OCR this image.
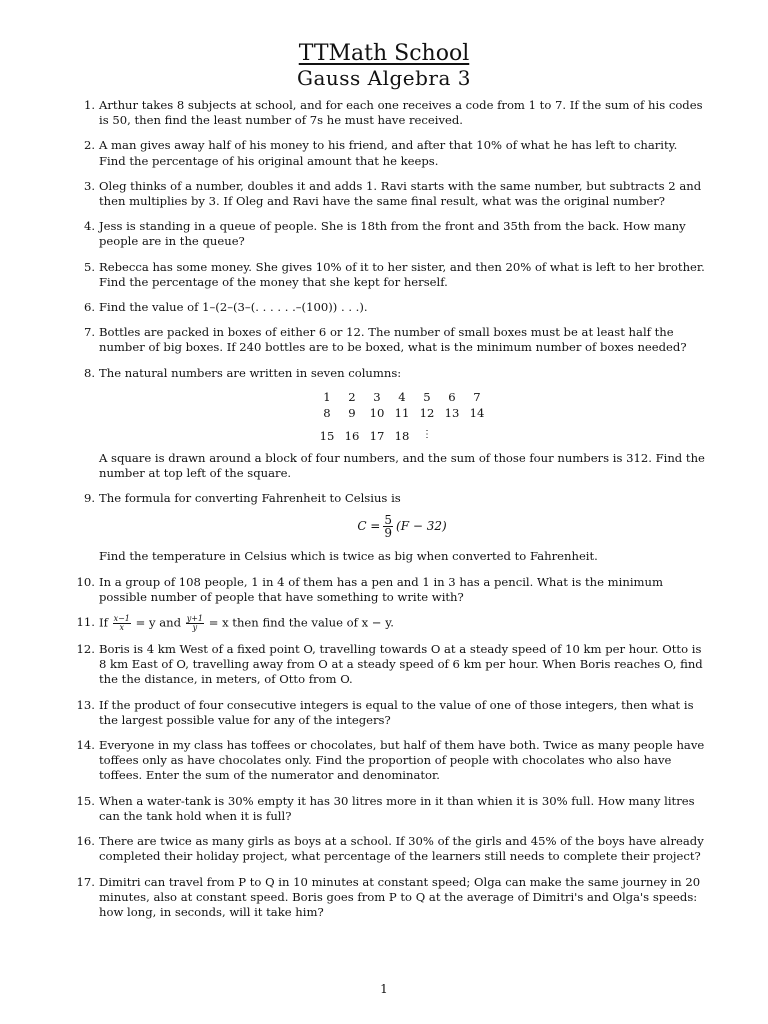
TTMath School
Gauss Algebra 3
1. Arthur takes 8 subjects at school, and for each one receives a code from 1 to 7. If the sum of his codes is 50, then find the least number of 7s he must have received.
2. A man gives away half of his money to his friend, and after that 10% of what he has left to charity. Find the percentage of his original amount that he keeps.
3. Oleg thinks of a number, doubles it and adds 1. Ravi starts with the same number, but subtracts 2 and then multiplies by 3. If Oleg and Ravi have the same final result, what was the original number?
4. Jess is standing in a queue of people. She is 18th from the front and 35th from the back. How many people are in the queue?
5. Rebecca has some money. She gives 10% of it to her sister, and then 20% of what is left to her brother. Find the percentage of the money that she kept for herself.
6. Find the value of 1–(2–(3–(. . . . . .–(100)) . . .).
7. Bottles are packed in boxes of either 6 or 12. The number of small boxes must be at least half the number of big boxes. If 240 bottles are to be boxed, what is the minimum number of boxes needed?
8. The natural numbers are written in seven columns:
1	2	3	4	5	6	7
8	9	10	11	12	13	14
15	16	17	18	⋮		
A square is drawn around a block of four numbers, and the sum of those four numbers is 312. Find the number at top left of the square.
9. The formula for converting Fahrenheit to Celsius is
$C = \frac{5}{9} (F - 32)$
Find the temperature in Celsius which is twice as big when converted to Fahrenheit.
10. In a group of 108 people, 1 in 4 of them has a pen and 1 in 3 has a pencil. What is the minimum possible number of people that have something to write with?
11. If $\frac{x-1}{x} = y$ and $\frac{y+1}{y} = x$ then find the value of x − y.
12. Boris is 4 km West of a fixed point O, travelling towards O at a steady speed of 10 km per hour. Otto is 8 km East of O, travelling away from O at a steady speed of 6 km per hour. When Boris reaches O, find the the distance, in meters, of Otto from O.
13. If the product of four consecutive integers is equal to the value of one of those integers, then what is the largest possible value for any of the integers?
14. Everyone in my class has toffees or chocolates, but half of them have both. Twice as many people have toffees only as have chocolates only. Find the proportion of people with chocolates who also have toffees. Enter the sum of the numerator and denominator.
15. When a water-tank is 30% empty it has 30 litres more in it than whien it is 30% full. How many litres can the tank hold when it is full?
16. There are twice as many girls as boys at a school. If 30% of the girls and 45% of the boys have already completed their holiday project, what percentage of the learners still needs to complete their project?
17. Dimitri can travel from P to Q in 10 minutes at constant speed; Olga can make the same journey in 20 minutes, also at constant speed. Boris goes from P to Q at the average of Dimitri's and Olga's speeds: how long, in seconds, will it take him?
1
